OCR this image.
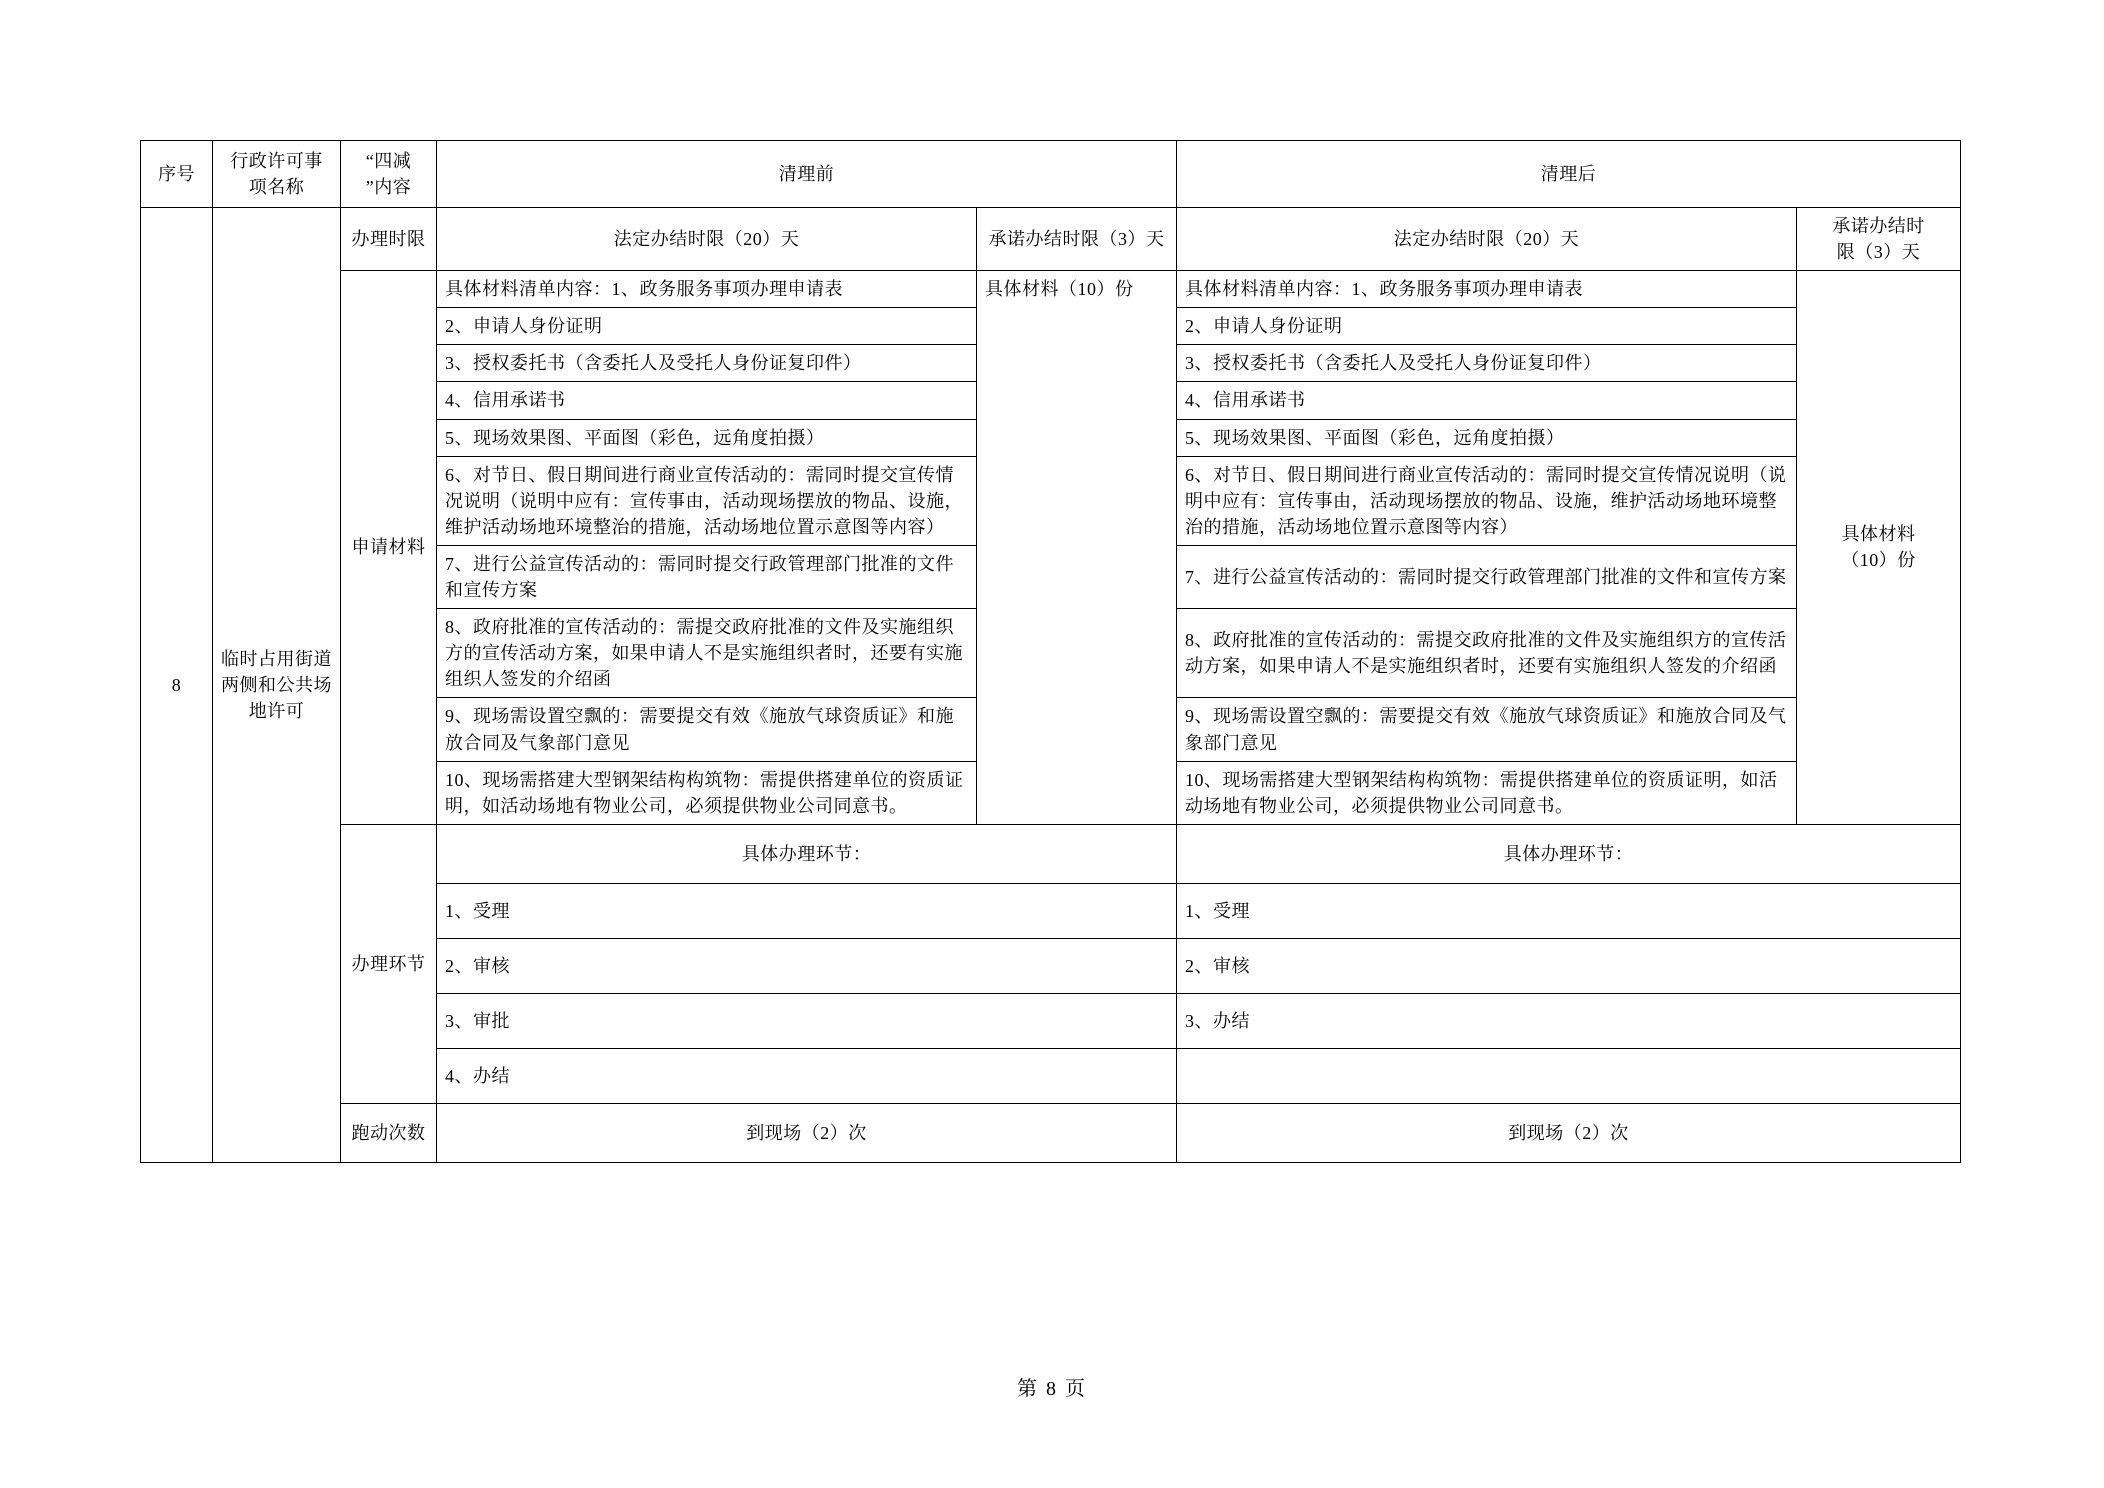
序号	行政许可事
项名称	“四减
”内容	清理前		清理后	
8	临时占用街道两侧和公共场地许可	办理时限	法定办结时限（20）天	承诺办结时限（3）天	法定办结时限（20）天	承诺办结时
限（3）天
		申请材料	具体材料清单内容：1、政务服务事项办理申请表	具体材料（10）份	具体材料清单内容：1、政务服务事项办理申请表	具体材料
（10）份
			2、申请人身份证明		2、申请人身份证明	
			3、授权委托书（含委托人及受托人身份证复印件）		3、授权委托书（含委托人及受托人身份证复印件）	
			4、信用承诺书		4、信用承诺书	
			5、现场效果图、平面图（彩色，远角度拍摄）		5、现场效果图、平面图（彩色，远角度拍摄）	
			6、对节日、假日期间进行商业宣传活动的：需同时提交宣传情况说明（说明中应有：宣传事由，活动现场摆放的物品、设施，维护活动场地环境整治的措施，活动场地位置示意图等内容）		6、对节日、假日期间进行商业宣传活动的：需同时提交宣传情况说明（说明中应有：宣传事由，活动现场摆放的物品、设施，维护活动场地环境整治的措施，活动场地位置示意图等内容）	
			7、进行公益宣传活动的：需同时提交行政管理部门批准的文件和宣传方案		7、进行公益宣传活动的：需同时提交行政管理部门批准的文件和宣传方案	
			8、政府批准的宣传活动的：需提交政府批准的文件及实施组织方的宣传活动方案，如果申请人不是实施组织者时，还要有实施组织人签发的介绍函		8、政府批准的宣传活动的：需提交政府批准的文件及实施组织方的宣传活动方案，如果申请人不是实施组织者时，还要有实施组织人签发的介绍函	
			9、现场需设置空飘的：需要提交有效《施放气球资质证》和施放合同及气象部门意见		9、现场需设置空飘的：需要提交有效《施放气球资质证》和施放合同及气象部门意见	
			10、现场需搭建大型钢架结构构筑物：需提供搭建单位的资质证明，如活动场地有物业公司，必须提供物业公司同意书。		10、现场需搭建大型钢架结构构筑物：需提供搭建单位的资质证明，如活动场地有物业公司，必须提供物业公司同意书。	
		办理环节	具体办理环节：		具体办理环节：	
			1、受理		1、受理	
			2、审核		2、审核	
			3、审批		3、办结	
			4、办结			
		跑动次数	到现场（2）次		到现场（2）次	
第 8 页
